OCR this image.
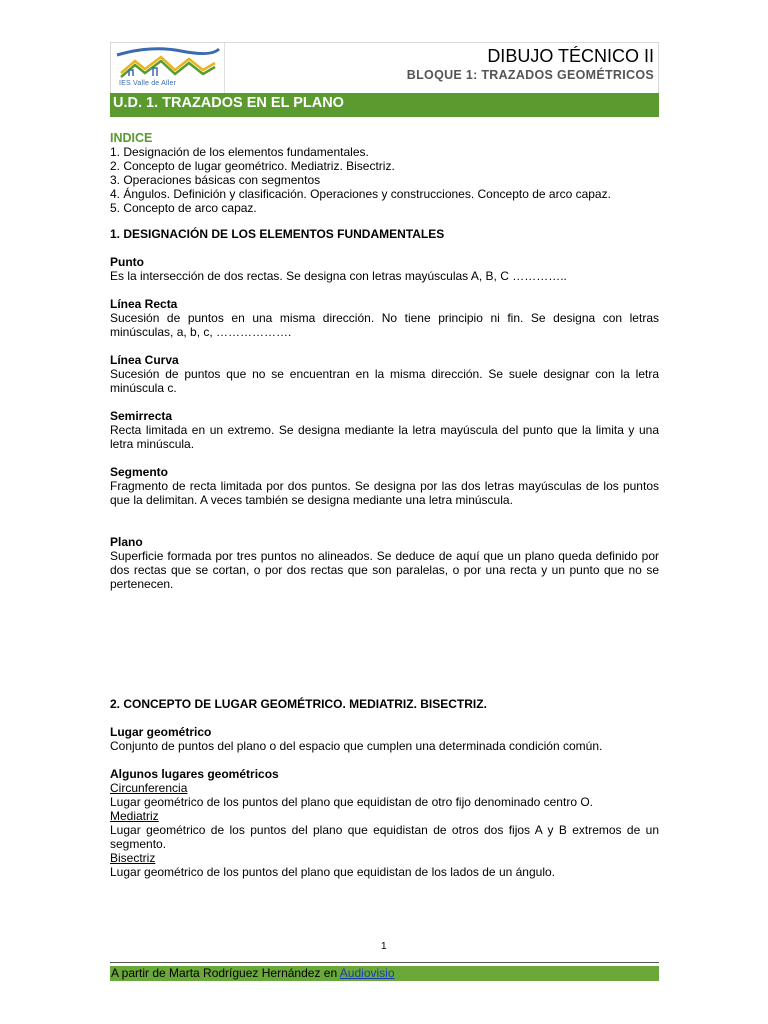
IES Valle de Aller
DIBUJO TÉCNICO II
BLOQUE 1: TRAZADOS GEOMÉTRICOS
U.D. 1. TRAZADOS EN EL PLANO
INDICE
1. Designación de los elementos fundamentales.
2. Concepto de lugar geométrico. Mediatriz. Bisectriz.
3. Operaciones básicas con segmentos
4. Ángulos. Definición y clasificación. Operaciones y construcciones. Concepto de arco capaz.
5. Concepto de arco capaz.
1. DESIGNACIÓN DE LOS ELEMENTOS FUNDAMENTALES
Punto
Es la intersección de dos rectas. Se designa con letras mayúsculas A, B, C …………..
Línea Recta
Sucesión de puntos en una misma dirección. No tiene principio ni fin. Se designa con letras minúsculas, a, b, c, ……………….
Línea Curva
Sucesión de puntos que no se encuentran en la misma dirección. Se suele designar con la letra minúscula c.
Semirrecta
Recta limitada en un extremo. Se designa mediante la letra mayúscula del punto que la limita y una letra minúscula.
Segmento
Fragmento de recta limitada por dos puntos. Se designa por las dos letras mayúsculas de los puntos que la delimitan. A veces también se designa mediante una letra minúscula.
Plano
Superficie formada por tres puntos no alineados. Se deduce de aquí que un plano queda definido por dos rectas que se cortan, o por dos rectas que son paralelas, o por una recta y un punto que no se pertenecen.
2. CONCEPTO DE LUGAR GEOMÉTRICO. MEDIATRIZ. BISECTRIZ.
Lugar geométrico
Conjunto de puntos del plano o del espacio que cumplen una determinada condición común.
Algunos lugares geométricos
Circunferencia
Lugar geométrico de los puntos del plano que equidistan de otro fijo denominado centro O.
Mediatriz
Lugar geométrico de los puntos del plano que equidistan de otros dos fijos A y B extremos de un segmento.
Bisectriz
Lugar geométrico de los puntos del plano que equidistan de los lados de un ángulo.
1
A partir de Marta Rodríguez Hernández en Audiovisio
